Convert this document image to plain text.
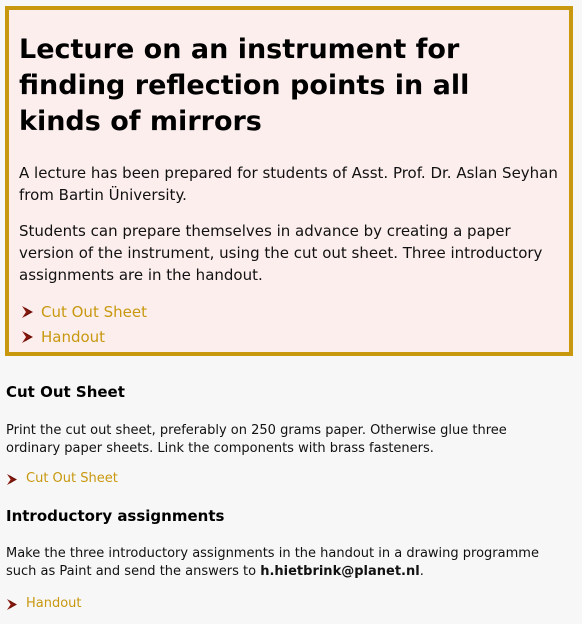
Lecture on an instrument for finding reflection points in all kinds of mirrors

A lecture has been prepared for students of Asst. Prof. Dr. Aslan Seyhan from Bartin Üniversity.

Students can prepare themselves in advance by creating a paper version of the instrument, using the cut out sheet. Three introductory assignments are in the handout.

Cut Out Sheet
Handout
Cut Out Sheet

Print the cut out sheet, preferably on 250 grams paper. Otherwise glue three ordinary paper sheets. Link the components with brass fasteners.

Cut Out Sheet
Introductory assignments

Make the three introductory assignments in the handout in a drawing programme such as Paint and send the answers to h.hietbrink@planet.nl.

Handout
